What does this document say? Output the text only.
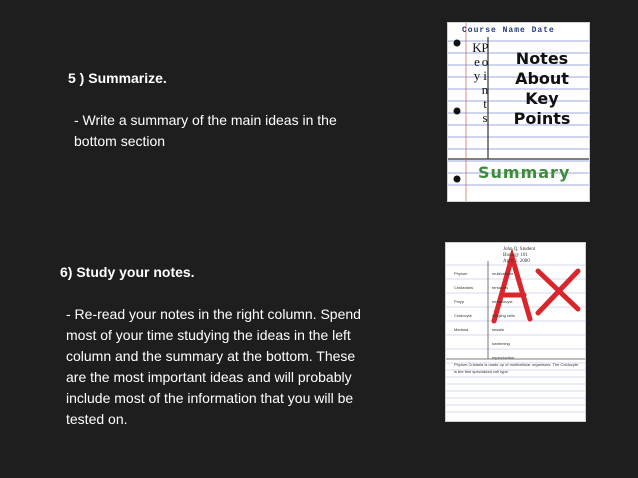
5 ) Summarize.
- Write a summary of the main ideas in the bottom section
6) Study your notes.
- Re-read your notes in the right column. Spend most of your time studying the ideas in the left column and the summary at the bottom. These are the most important ideas and will probably include most of the information that you will be tested on.
Course Name Date
K
e
y
P
o
i
n
t
s
Notes
About
Key
Points
Summary
John Q. Student
Biology 101
April 1, 2000
Phylum
Cnidarians
Polyp
Cnidocyte
Medusa
multicellular
tentacles
nematocyst
stinging cells
sessile
swimming
reproduction
Phylum Cnidaria is made up of multicellular organisms. The Cnidocyte is the first specialized cell type.
